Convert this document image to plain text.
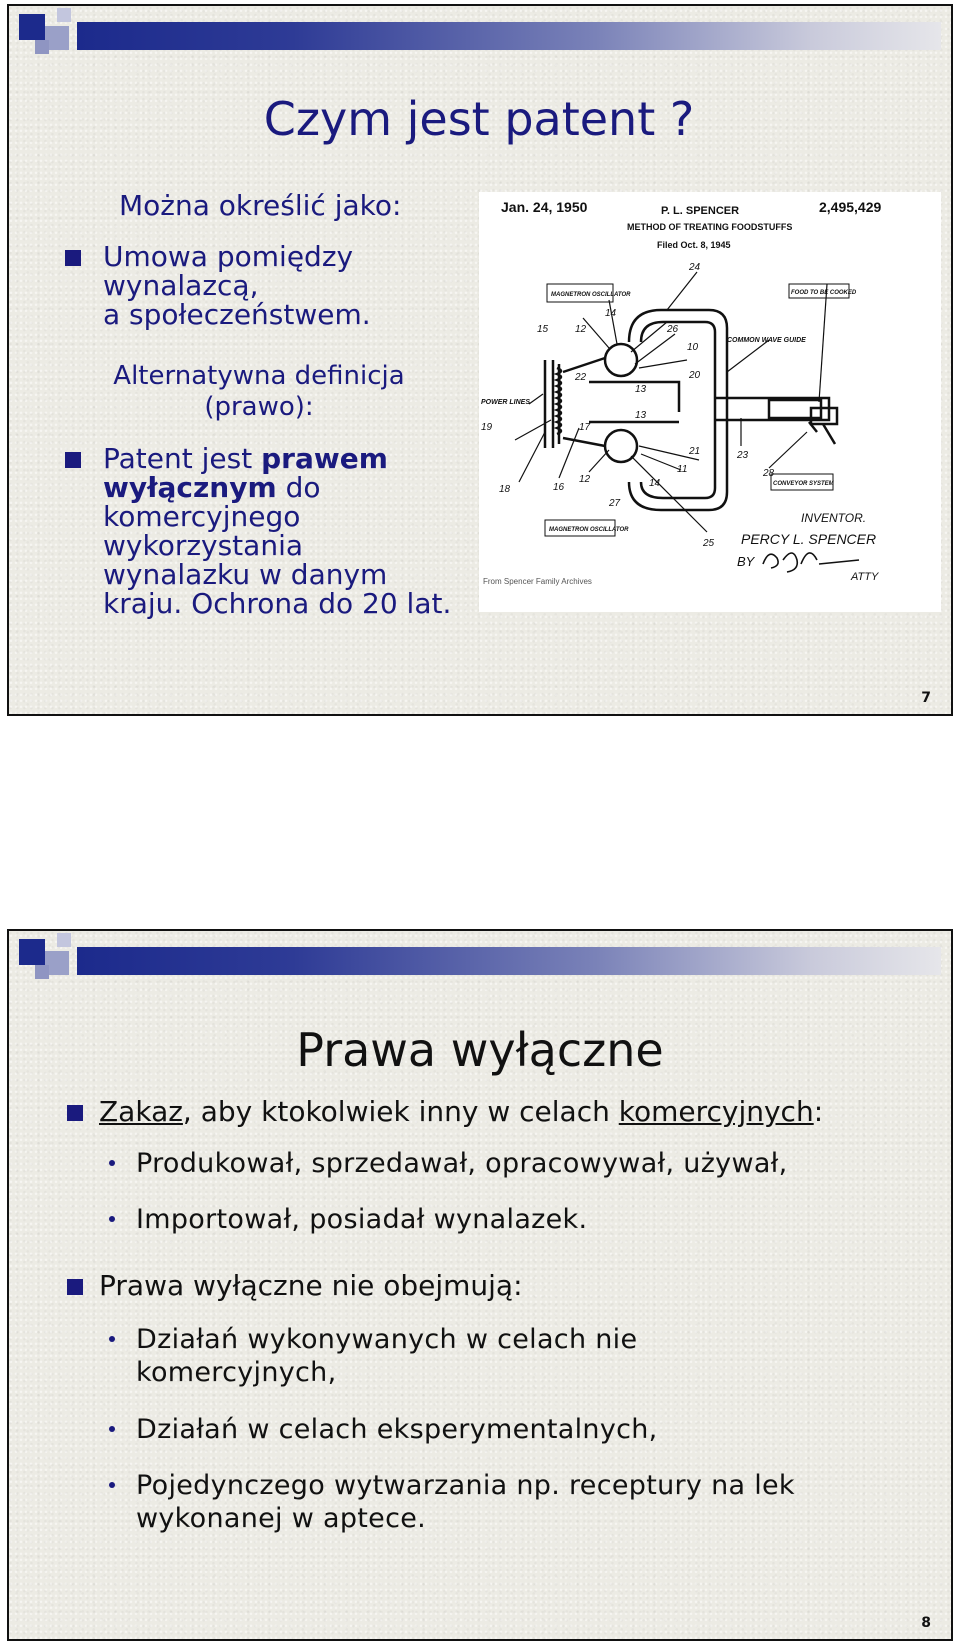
Czym jest patent ?
Można określić jako:
Umowa pomiędzy
wynalazcą,
a społeczeństwem.
Alternatywna definicja
(prawo):
Patent jest prawem
wyłącznym do
komercyjnego
wykorzystania
wynalazku w danym
kraju. Ochrona do 20 lat.
Jan. 24, 1950	P. L. SPENCER	2,495,429
METHOD OF TREATING FOODSTUFFS
Filed Oct. 8, 1945
MAGNETRON OSCILLATOR	FOOD TO BE COOKED
COMMON WAVE GUIDE
POWER LINES
CONVEYOR SYSTEM
MAGNETRON OSCILLATOR
24
15	12
14
26
10
20
22
13
17
13
19
21	23
28
11
12
16
18
27
14
25
INVENTOR.
PERCY L. SPENCER
BY
ATTY
From Spencer Family Archives
7
Prawa wyłączne
Zakaz, aby ktokolwiek inny w celach komercyjnych:
Produkował, sprzedawał, opracowywał, używał,
Importował, posiadał wynalazek.
Prawa wyłączne nie obejmują:
Działań wykonywanych w celach nie
komercyjnych,
Działań w celach eksperymentalnych,
Pojedynczego wytwarzania np. receptury na lek
wykonanej w aptece.
8
